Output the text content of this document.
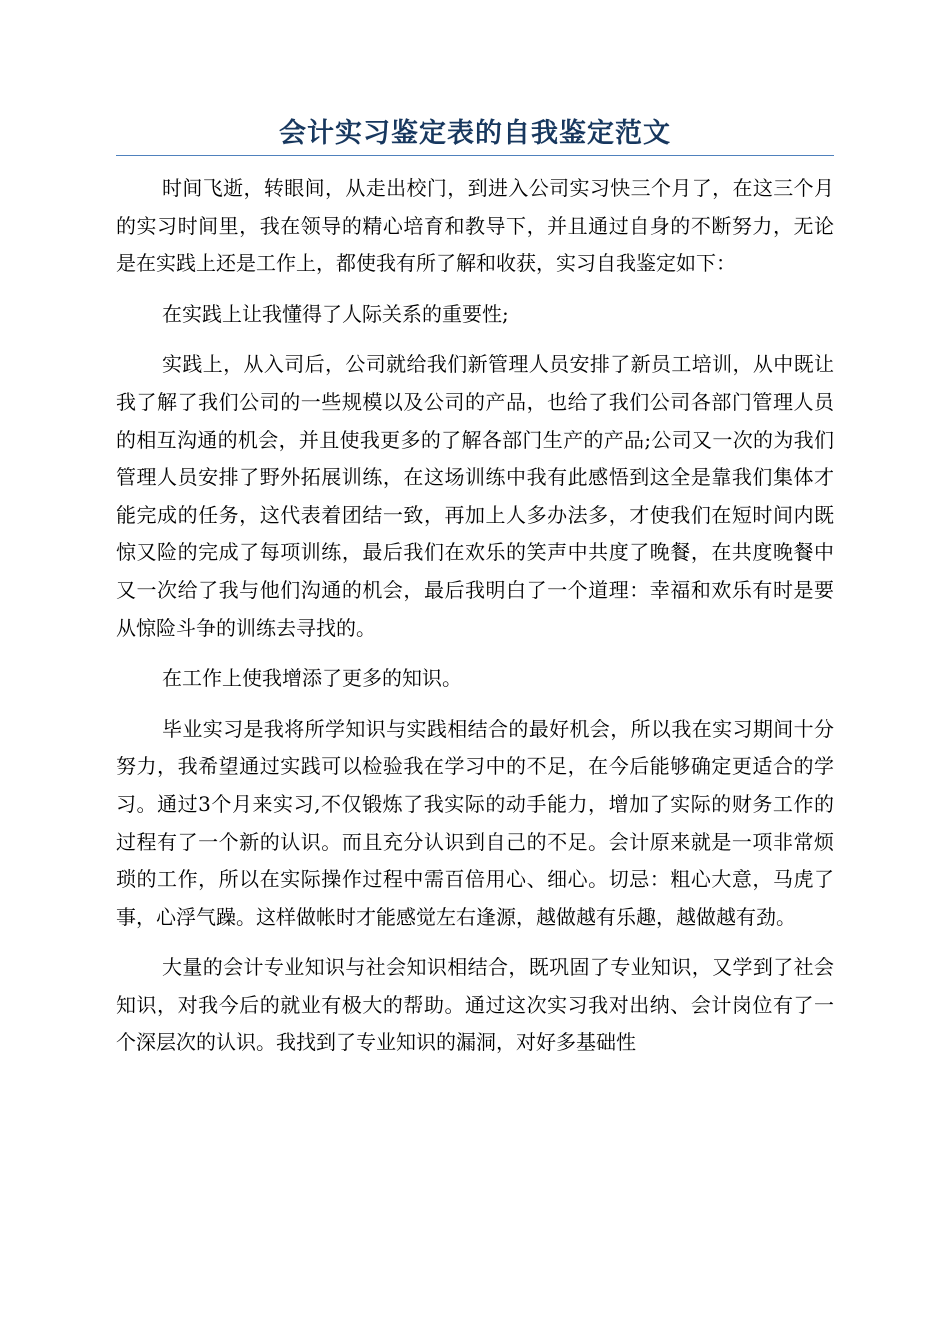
会计实习鉴定表的自我鉴定范文

时间飞逝，转眼间，从走出校门，到进入公司实习快三个月了，在这三个月的实习时间里，我在领导的精心培育和教导下，并且通过自身的不断努力，无论是在实践上还是工作上，都使我有所了解和收获，实习自我鉴定如下：

在实践上让我懂得了人际关系的重要性;

实践上，从入司后，公司就给我们新管理人员安排了新员工培训，从中既让我了解了我们公司的一些规模以及公司的产品，也给了我们公司各部门管理人员的相互沟通的机会，并且使我更多的了解各部门生产的产品;公司又一次的为我们管理人员安排了野外拓展训练，在这场训练中我有此感悟到这全是靠我们集体才能完成的任务，这代表着团结一致，再加上人多办法多，才使我们在短时间内既惊又险的完成了每项训练，最后我们在欢乐的笑声中共度了晚餐，在共度晚餐中又一次给了我与他们沟通的机会，最后我明白了一个道理：幸福和欢乐有时是要从惊险斗争的训练去寻找的。

在工作上使我增添了更多的知识。

毕业实习是我将所学知识与实践相结合的最好机会，所以我在实习期间十分努力，我希望通过实践可以检验我在学习中的不足，在今后能够确定更适合的学习。通过3个月来实习,不仅锻炼了我实际的动手能力，增加了实际的财务工作的过程有了一个新的认识。而且充分认识到自己的不足。会计原来就是一项非常烦琐的工作，所以在实际操作过程中需百倍用心、细心。切忌：粗心大意，马虎了事，心浮气躁。这样做帐时才能感觉左右逢源，越做越有乐趣，越做越有劲。

大量的会计专业知识与社会知识相结合，既巩固了专业知识，又学到了社会知识，对我今后的就业有极大的帮助。通过这次实习我对出纳、会计岗位有了一个深层次的认识。我找到了专业知识的漏洞，对好多基础性
